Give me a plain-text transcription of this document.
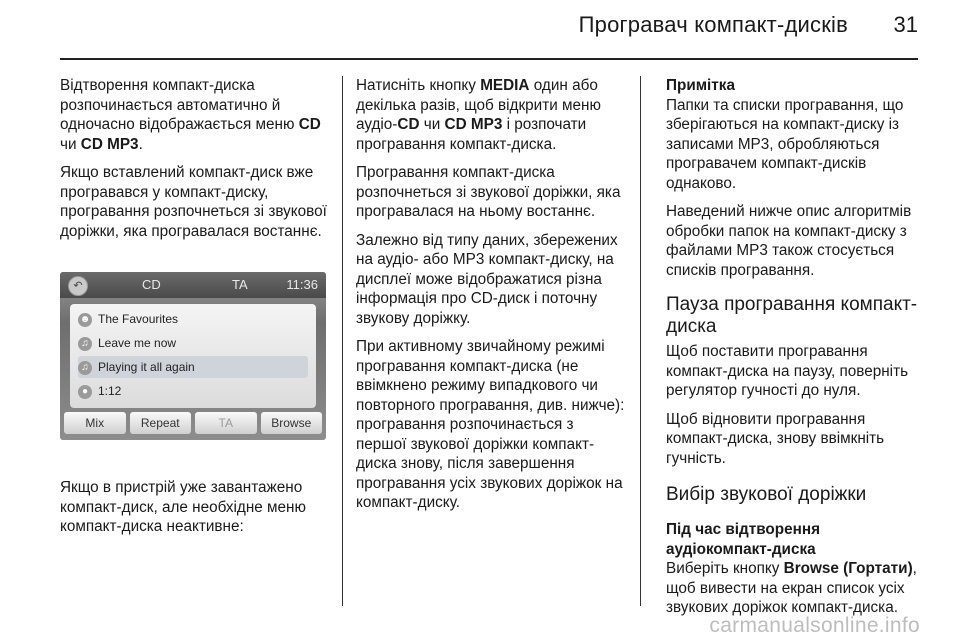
Програвач компакт-дисків 31

Відтворення компакт-диска розпочинається автоматично й одночасно відображається меню CD чи CD MP3.

Якщо вставлений компакт-диск вже програвався у компакт-диску, програвання розпочнеться зі звукової доріжки, яка програвалася востаннє.

↶	CD	TA	11:36
☻ The Favourites
♫ Leave me now
♫ Playing it all again
● 1:12
Mix	Repeat	TA	Browse

Якщо в пристрій уже завантажено компакт-диск, але необхідне меню компакт-диска неактивне:

Натисніть кнопку MEDIA один або декілька разів, щоб відкрити меню аудіо-CD чи CD MP3 і розпочати програвання компакт-диска.

Програвання компакт-диска розпочнеться зі звукової доріжки, яка програвалася на ньому востаннє.

Залежно від типу даних, збережених на аудіо- або MP3 компакт-диску, на дисплеї може відображатися різна інформація про CD-диск і поточну звукову доріжку.

При активному звичайному режимі програвання компакт-диска (не ввімкнено режиму випадкового чи повторного програвання, див. нижче): програвання розпочинається з першої звукової доріжки компакт-диска знову, після завершення програвання усіх звукових доріжок на компакт-диску.

Примітка

Папки та списки програвання, що зберігаються на компакт-диску із записами MP3, обробляються програвачем компакт-дисків однаково.

Наведений нижче опис алгоритмів обробки папок на компакт-диску з файлами MP3 також стосується списків програвання.

Пауза програвання компакт-диска

Щоб поставити програвання компакт-диска на паузу, поверніть регулятор гучності до нуля.

Щоб відновити програвання компакт-диска, знову ввімкніть гучність.

Вибір звукової доріжки
Під час відтворення аудіокомпакт-диска

Виберіть кнопку Browse (Гортати), щоб вивести на екран список усіх звукових доріжок компакт-диска.

carmanualsonline.info
